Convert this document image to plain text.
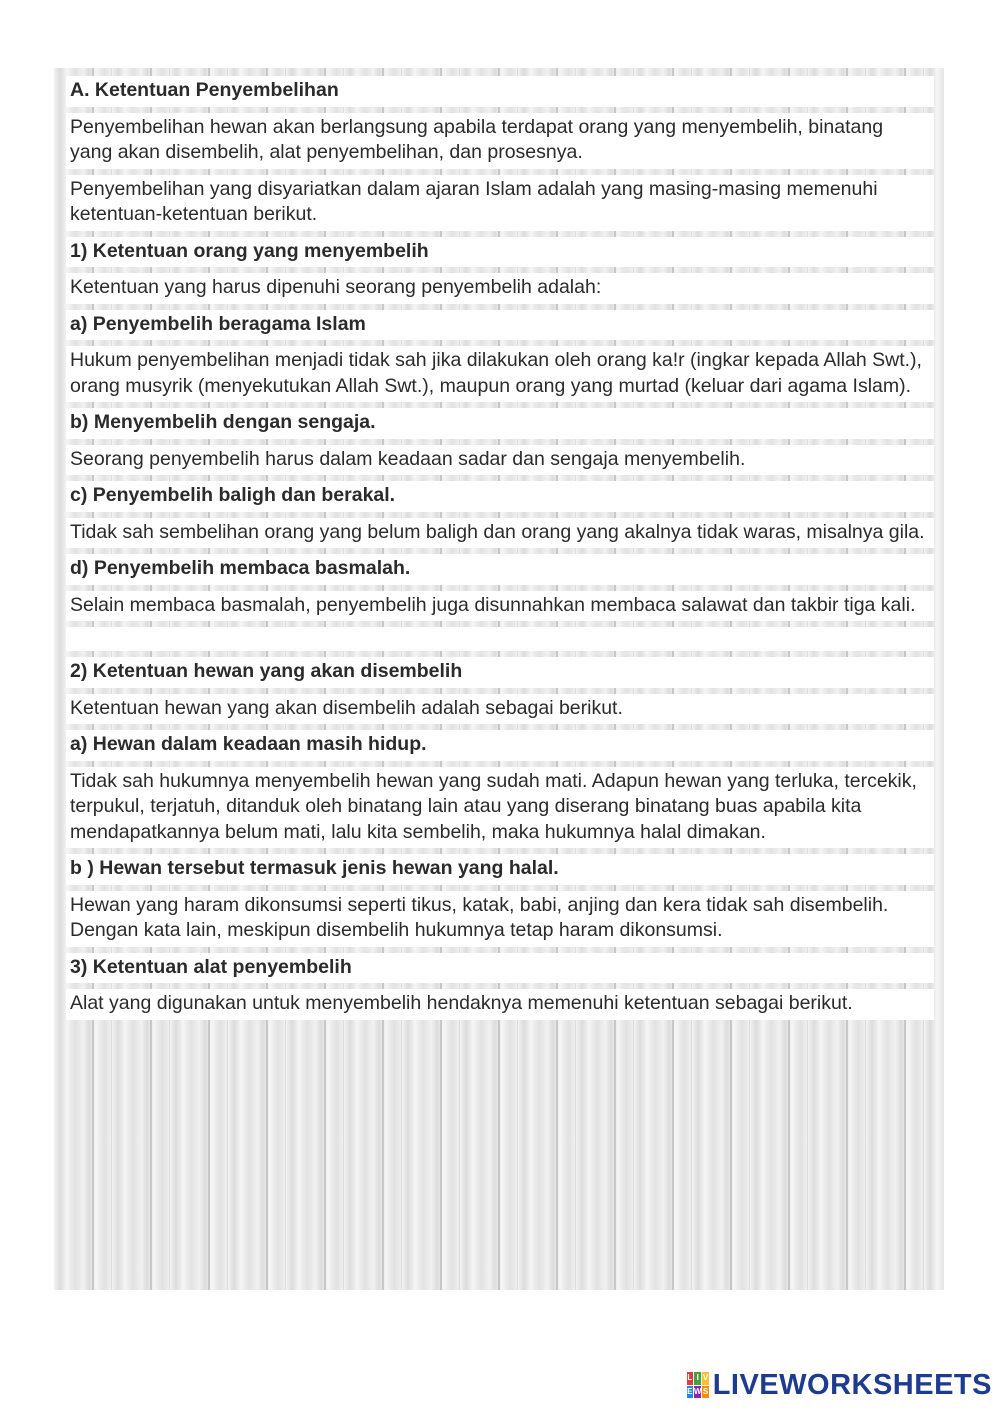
A. Ketentuan Penyembelihan
Penyembelihan hewan akan berlangsung apabila terdapat orang yang menyembelih, binatang yang akan disembelih, alat penyembelihan, dan prosesnya.
Penyembelihan yang disyariatkan dalam ajaran Islam adalah yang masing-masing memenuhi ketentuan-ketentuan berikut.
1) Ketentuan orang yang menyembelih
Ketentuan yang harus dipenuhi seorang penyembelih adalah:
a) Penyembelih beragama Islam
Hukum penyembelihan menjadi tidak sah jika dilakukan oleh orang ka!r (ingkar kepada Allah Swt.), orang musyrik (menyekutukan Allah Swt.), maupun orang yang murtad (keluar dari agama Islam).
b) Menyembelih dengan sengaja.
Seorang penyembelih harus dalam keadaan sadar dan sengaja menyembelih.
c) Penyembelih baligh dan berakal.
Tidak sah sembelihan orang yang belum baligh dan orang yang akalnya tidak waras, misalnya gila.
d) Penyembelih membaca basmalah.
Selain membaca basmalah, penyembelih juga disunnahkan membaca salawat dan takbir tiga kali.
2) Ketentuan hewan yang akan disembelih
Ketentuan hewan yang akan disembelih adalah sebagai berikut.
a) Hewan dalam keadaan masih hidup.
Tidak sah hukumnya menyembelih hewan yang sudah mati. Adapun hewan yang terluka, tercekik, terpukul, terjatuh, ditanduk oleh binatang lain atau yang diserang binatang buas apabila kita mendapatkannya belum mati, lalu kita sembelih, maka hukumnya halal dimakan.
b ) Hewan tersebut termasuk jenis hewan yang halal.
Hewan yang haram dikonsumsi seperti tikus, katak, babi, anjing dan kera tidak sah disembelih. Dengan kata lain, meskipun disembelih hukumnya tetap haram dikonsumsi.
3) Ketentuan alat penyembelih
Alat yang digunakan untuk menyembelih hendaknya memenuhi ketentuan sebagai berikut.
L I V
E W S LIVEWORKSHEETS
